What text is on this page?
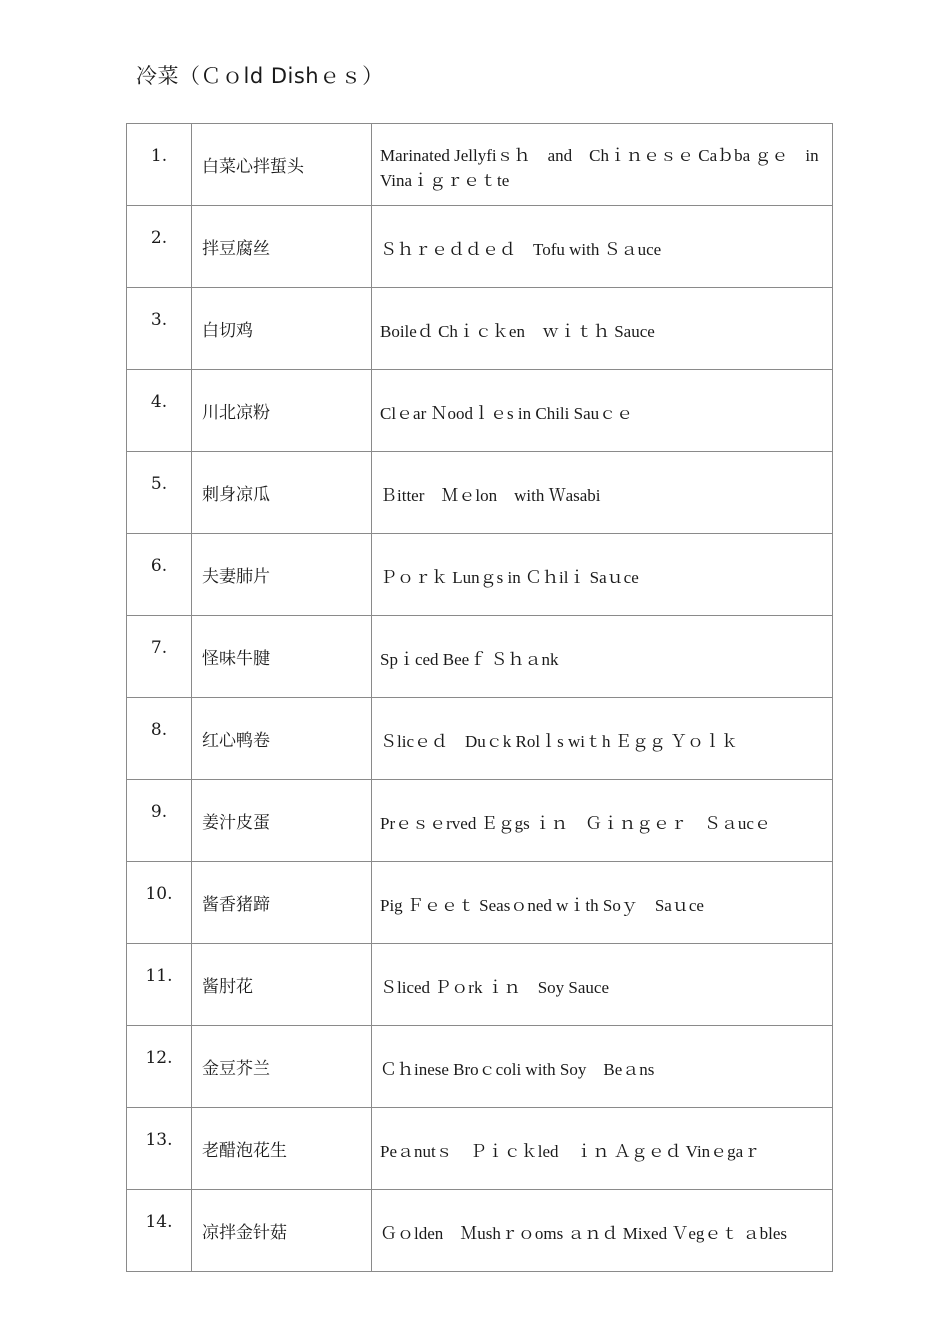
冷菜（Ｃｏld Dishｅｓ）
1.	白菜心拌蜇头	Marinated Jellyfiｓｈ　and　Chｉｎｅｓｅ Caｂba ｇｅ　in Vinaｉｇｒｅｔte
2.	拌豆腐丝	Ｓｈｒｅｄｄｅｄ　Tofu with Ｓａuce
3.	白切鸡	Boileｄ Chｉｃｋen　ｗｉｔｈ Sauce
4.	川北凉粉	Clｅar Ｎoodｌｅs in Chili Sauｃｅ
5.	刺身凉瓜	Ｂitter　Ｍｅlon　with Ｗasabi
6.	夫妻肺片	Ｐｏｒｋ Lunｇs in Ｃｈilｉ Saｕce
7.	怪味牛腱	Spｉced Beeｆ Ｓｈａnk
8.	红心鸭卷	Ｓlicｅｄ　Duｃk Rolｌs wiｔh Ｅｇｇ Ｙｏｌｋ
9.	姜汁皮蛋	Prｅｓｅrved Ｅｇgs ｉｎ　Ｇｉｎｇｅｒ　Ｓａucｅ
10.	酱香猪蹄	Pig Ｆｅｅｔ Seasｏned wｉth Soｙ　Saｕce
11.	酱肘花	Ｓliced Ｐｏrk ｉｎ　Soy Sauce
12.	金豆芥兰	Ｃｈinese Broｃcoli with Soy　Beａns
13.	老醋泡花生	Peａnutｓ　Ｐｉｃｋled　ｉｎ Ａｇｅｄ Vinｅgaｒ
14.	凉拌金针菇	Ｇｏlden　Ｍushｒｏoms ａｎｄ Mixed Ｖegｅｔ ａbles
